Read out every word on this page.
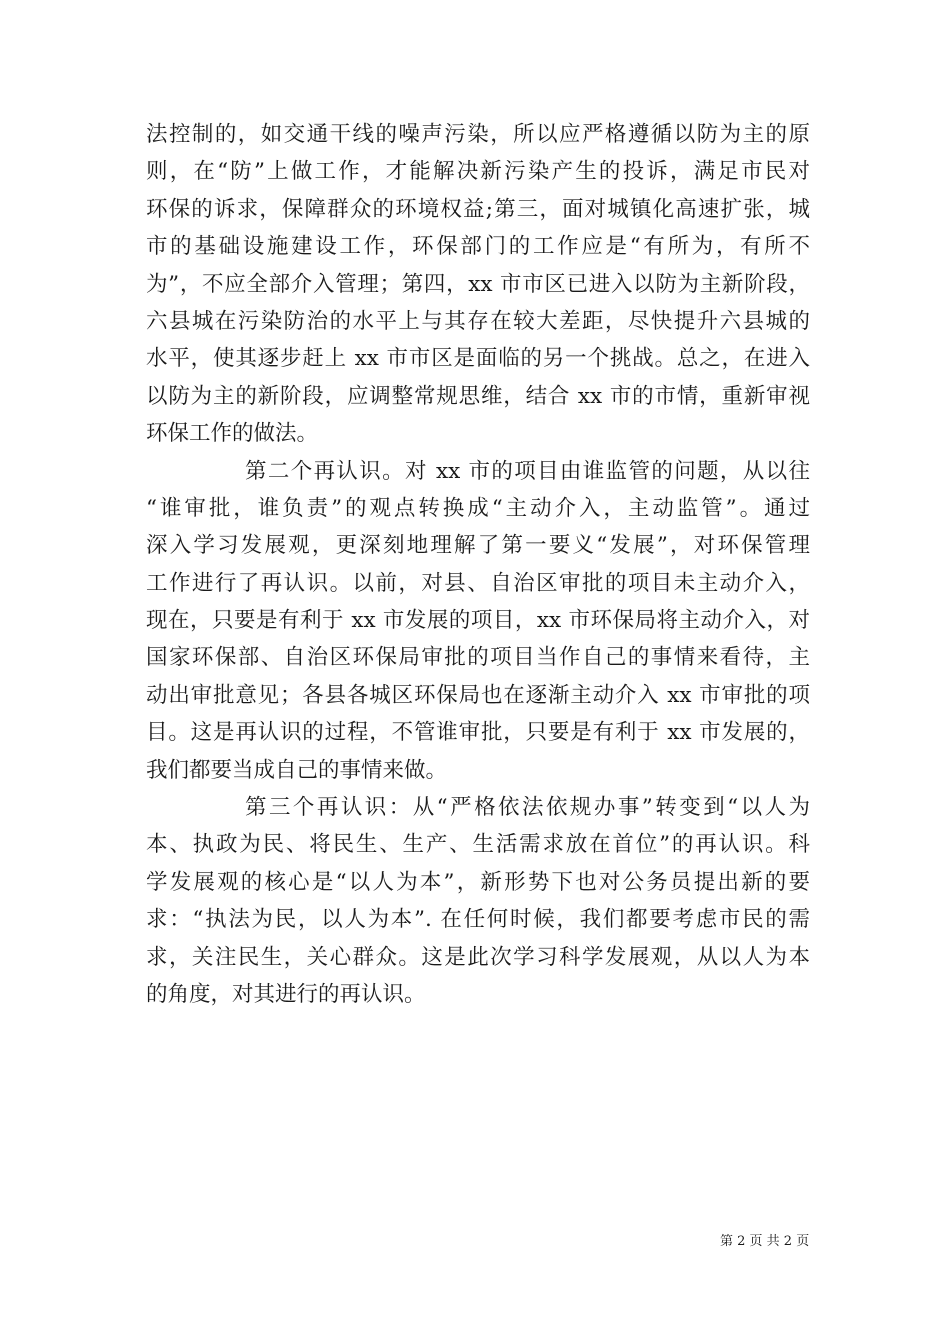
法控制的，如交通干线的噪声污染，所以应严格遵循以防为主的原
则，在“防”上做工作，才能解决新污染产生的投诉，满足市民对
环保的诉求，保障群众的环境权益;第三，面对城镇化高速扩张，城
市的基础设施建设工作，环保部门的工作应是“有所为，有所不
为”，不应全部介入管理；第四，xx 市市区已进入以防为主新阶段，
六县城在污染防治的水平上与其存在较大差距，尽快提升六县城的
水平，使其逐步赶上 xx 市市区是面临的另一个挑战。总之，在进入
以防为主的新阶段，应调整常规思维，结合 xx 市的市情，重新审视
环保工作的做法。
第二个再认识。对 xx 市的项目由谁监管的问题，从以往
“谁审批，谁负责”的观点转换成“主动介入，主动监管”。通过
深入学习发展观，更深刻地理解了第一要义“发展”，对环保管理
工作进行了再认识。以前，对县、自治区审批的项目未主动介入，
现在，只要是有利于 xx 市发展的项目，xx 市环保局将主动介入，对
国家环保部、自治区环保局审批的项目当作自己的事情来看待，主
动出审批意见；各县各城区环保局也在逐渐主动介入 xx 市审批的项
目。这是再认识的过程，不管谁审批，只要是有利于 xx 市发展的，
我们都要当成自己的事情来做。
第三个再认识：从“严格依法依规办事”转变到“以人为
本、执政为民、将民生、生产、生活需求放在首位”的再认识。科
学发展观的核心是“以人为本”，新形势下也对公务员提出新的要
求：“执法为民，以人为本”. 在任何时候，我们都要考虑市民的需
求，关注民生，关心群众。这是此次学习科学发展观，从以人为本
的角度，对其进行的再认识。
第 2 页 共 2 页
